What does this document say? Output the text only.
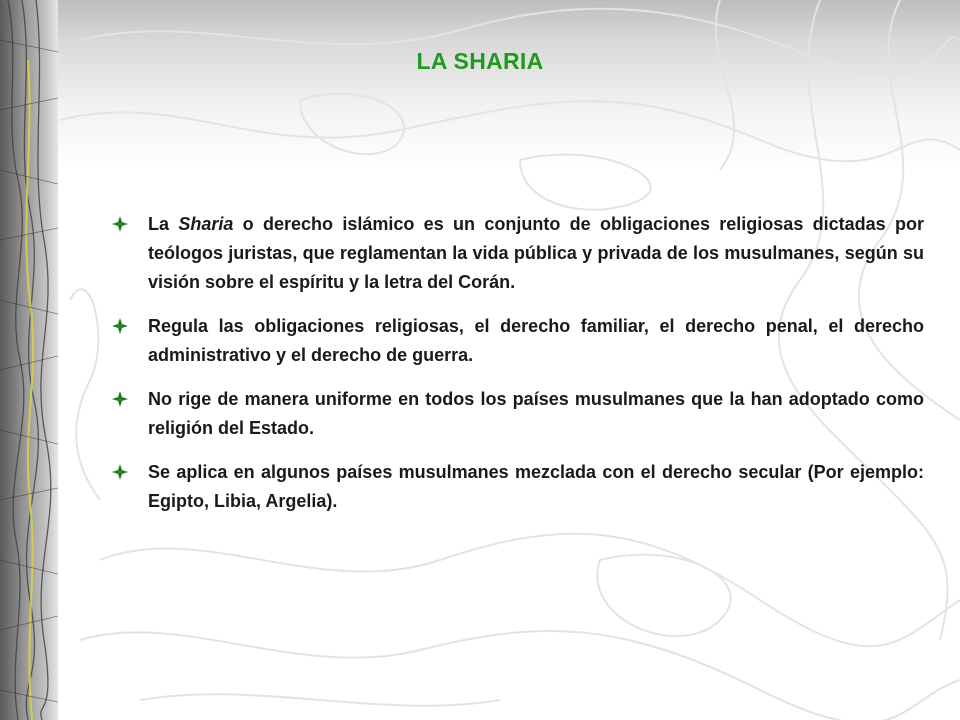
LA SHARIA
La Sharia o derecho islámico es un conjunto de obligaciones religiosas dictadas por teólogos juristas, que reglamentan la vida pública y privada de los musulmanes, según su visión sobre el espíritu y la letra del Corán.
Regula las obligaciones religiosas, el derecho familiar, el derecho penal, el derecho administrativo y el derecho de guerra.
No rige de manera uniforme en todos los países musulmanes que la han adoptado como religión del Estado.
Se aplica en algunos países musulmanes mezclada con el derecho secular (Por ejemplo: Egipto, Libia, Argelia).
